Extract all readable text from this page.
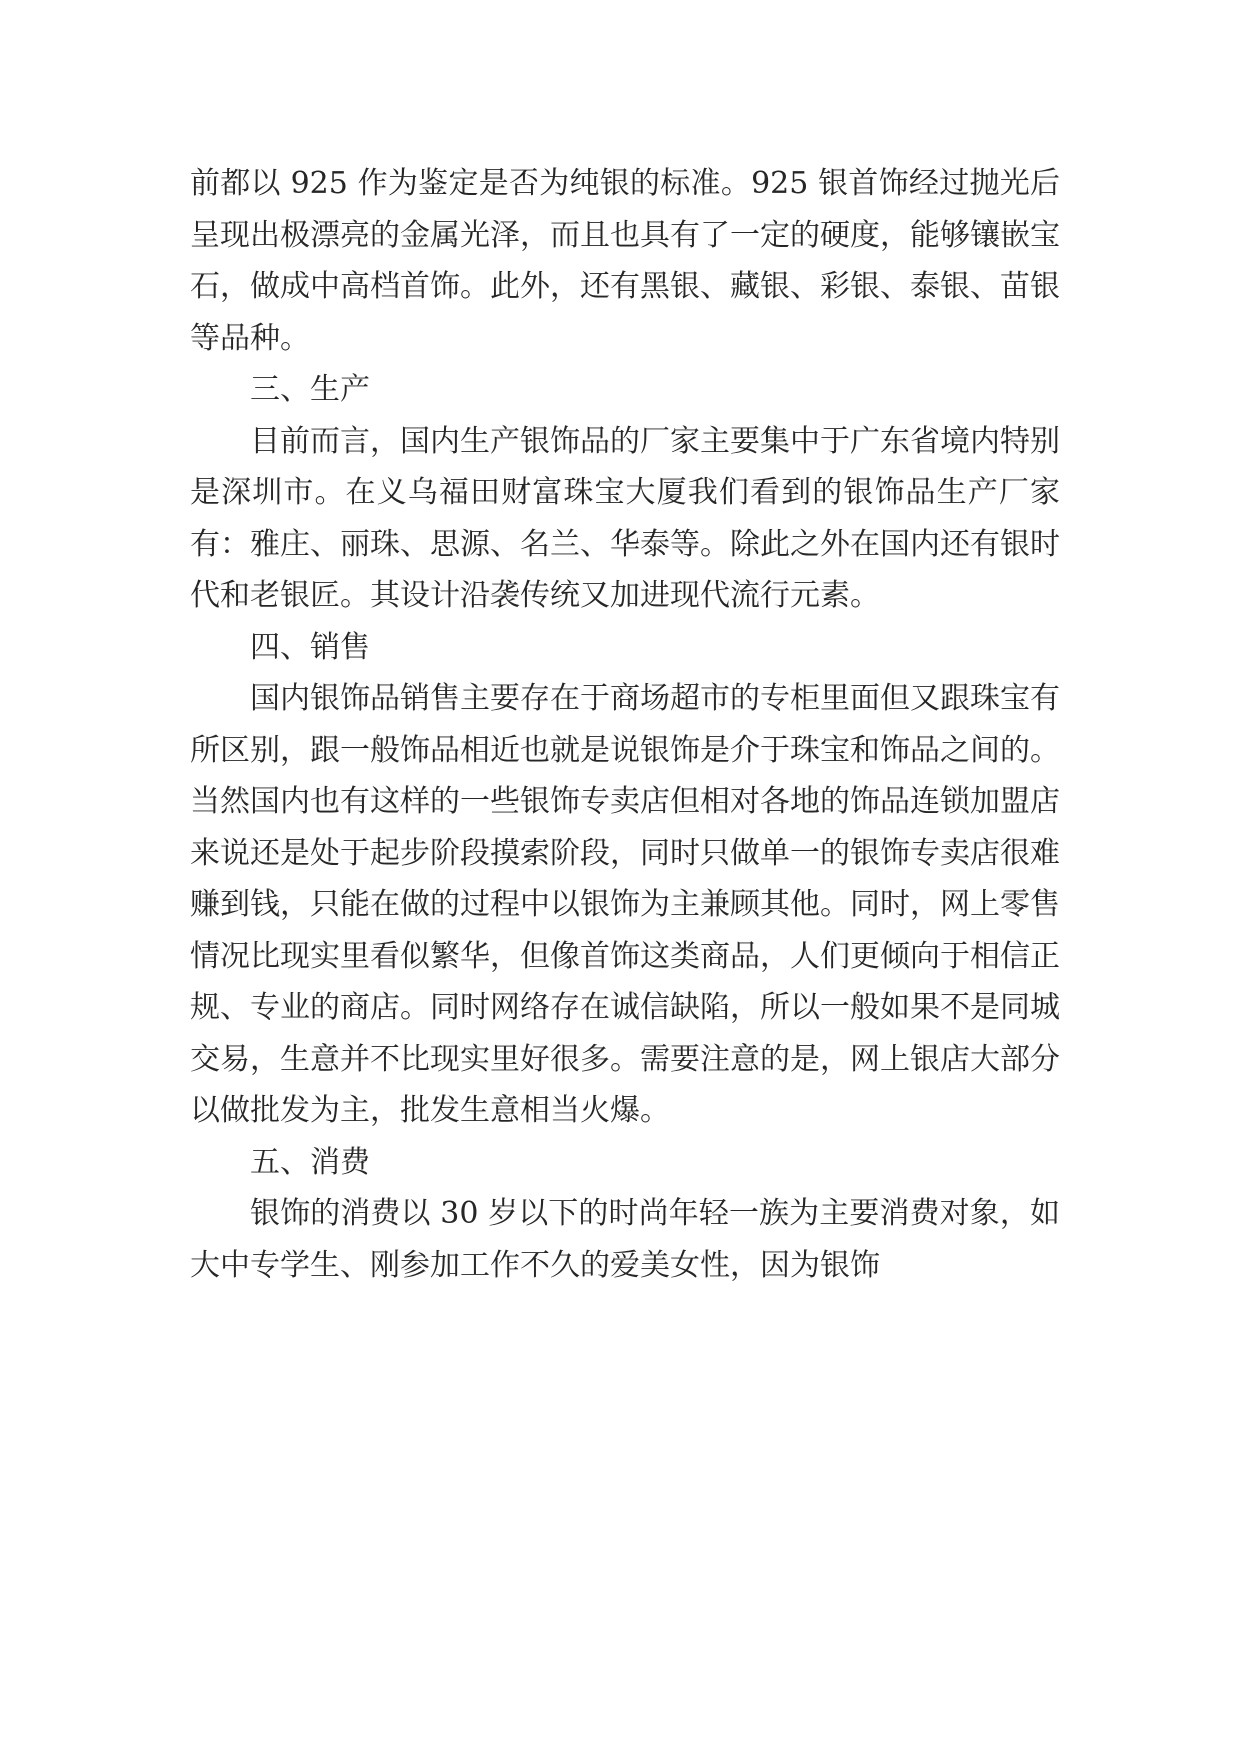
前都以 925 作为鉴定是否为纯银的标准。925 银首饰经过抛光后呈现出极漂亮的金属光泽，而且也具有了一定的硬度，能够镶嵌宝石，做成中高档首饰。此外，还有黑银、藏银、彩银、泰银、苗银等品种。

三、生产

目前而言，国内生产银饰品的厂家主要集中于广东省境内特别是深圳市。在义乌福田财富珠宝大厦我们看到的银饰品生产厂家有：雅庄、丽珠、思源、名兰、华泰等。除此之外在国内还有银时代和老银匠。其设计沿袭传统又加进现代流行元素。

四、销售

国内银饰品销售主要存在于商场超市的专柜里面但又跟珠宝有所区别，跟一般饰品相近也就是说银饰是介于珠宝和饰品之间的。当然国内也有这样的一些银饰专卖店但相对各地的饰品连锁加盟店来说还是处于起步阶段摸索阶段，同时只做单一的银饰专卖店很难赚到钱，只能在做的过程中以银饰为主兼顾其他。同时，网上零售情况比现实里看似繁华，但像首饰这类商品，人们更倾向于相信正规、专业的商店。同时网络存在诚信缺陷，所以一般如果不是同城交易，生意并不比现实里好很多。需要注意的是，网上银店大部分以做批发为主，批发生意相当火爆。

五、消费

银饰的消费以 30 岁以下的时尚年轻一族为主要消费对象，如大中专学生、刚参加工作不久的爱美女性，因为银饰
